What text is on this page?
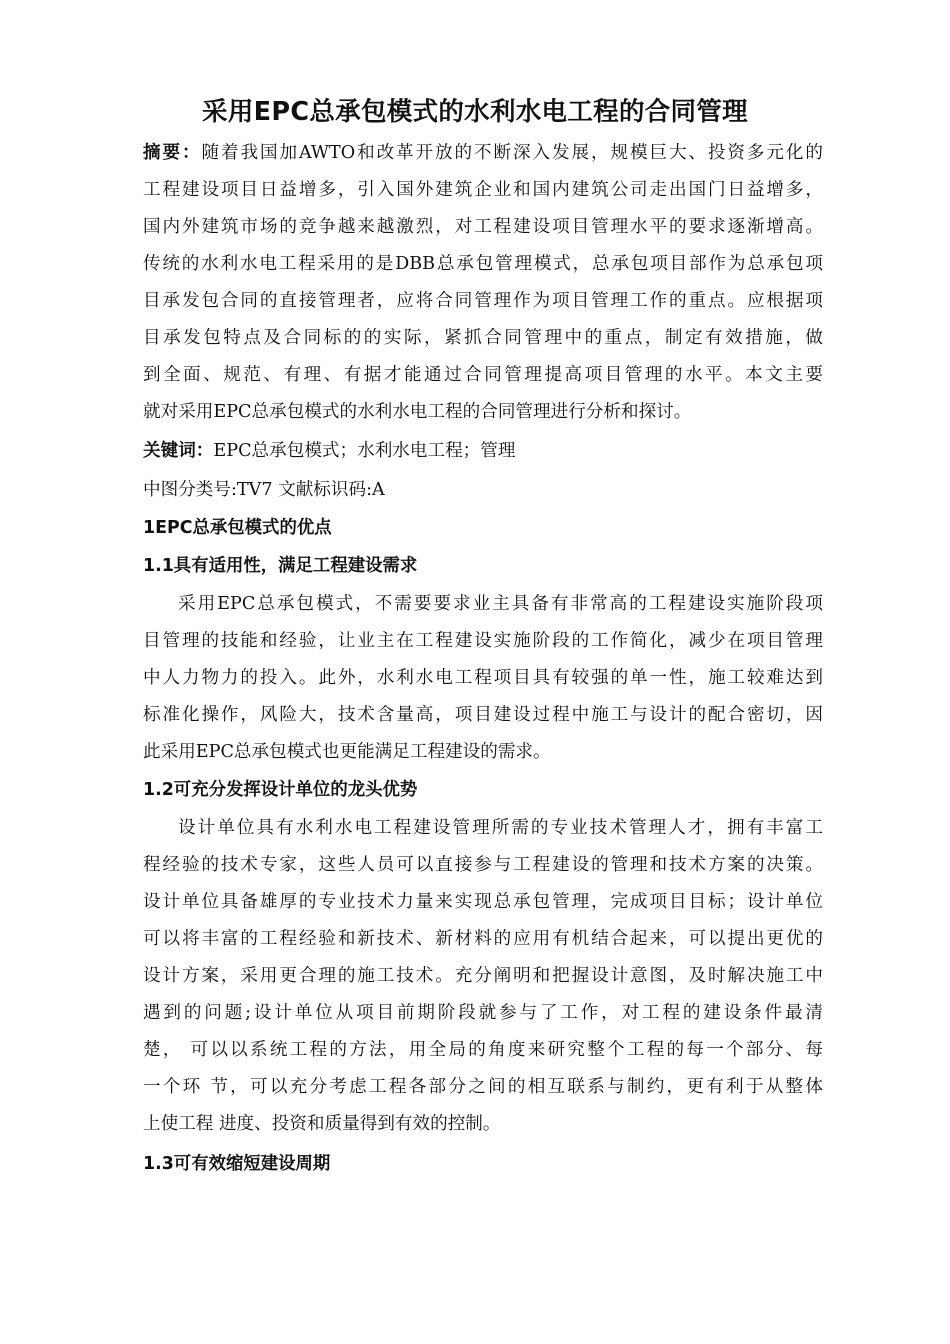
采用EPC总承包模式的水利水电工程的合同管理
摘要：随着我国加AWTO和改革开放的不断深入发展，规模巨大、投资多元化的
工程建设项目日益增多，引入国外建筑企业和国内建筑公司走出国门日益增多，
国内外建筑市场的竞争越来越激烈，对工程建设项目管理水平的要求逐渐增高。
传统的水利水电工程采用的是DBB总承包管理模式，总承包项目部作为总承包项
目承发包合同的直接管理者，应将合同管理作为项目管理工作的重点。应根据项
目承发包特点及合同标的的实际，紧抓合同管理中的重点，制定有效措施，做
到全面、规范、有理、有据才能通过合同管理提高项目管理的水平。本文主要
就对采用EPC总承包模式的水利水电工程的合同管理进行分析和探讨。
关键词：EPC总承包模式；水利水电工程；管理
中图分类号:TV7 文献标识码:A
1EPC总承包模式的优点
1.1具有适用性，满足工程建设需求
采用EPC总承包模式，不需要要求业主具备有非常高的工程建设实施阶段项
目管理的技能和经验，让业主在工程建设实施阶段的工作简化，减少在项目管理
中人力物力的投入。此外，水利水电工程项目具有较强的单一性，施工较难达到
标准化操作，风险大，技术含量高，项目建设过程中施工与设计的配合密切，因
此采用EPC总承包模式也更能满足工程建设的需求。
1.2可充分发挥设计单位的龙头优势
设计单位具有水利水电工程建设管理所需的专业技术管理人才，拥有丰富工
程经验的技术专家，这些人员可以直接参与工程建设的管理和技术方案的决策。
设计单位具备雄厚的专业技术力量来实现总承包管理，完成项目目标；设计单位
可以将丰富的工程经验和新技术、新材料的应用有机结合起来，可以提出更优的
设计方案，采用更合理的施工技术。充分阐明和把握设计意图，及时解决施工中
遇到的问题;设计单位从项目前期阶段就参与了工作，对工程的建设条件最清
楚， 可以以系统工程的方法，用全局的角度来研究整个工程的每一个部分、每
一个环 节，可以充分考虑工程各部分之间的相互联系与制约，更有利于从整体
上使工程 进度、投资和质量得到有效的控制。
1.3可有效缩短建设周期
